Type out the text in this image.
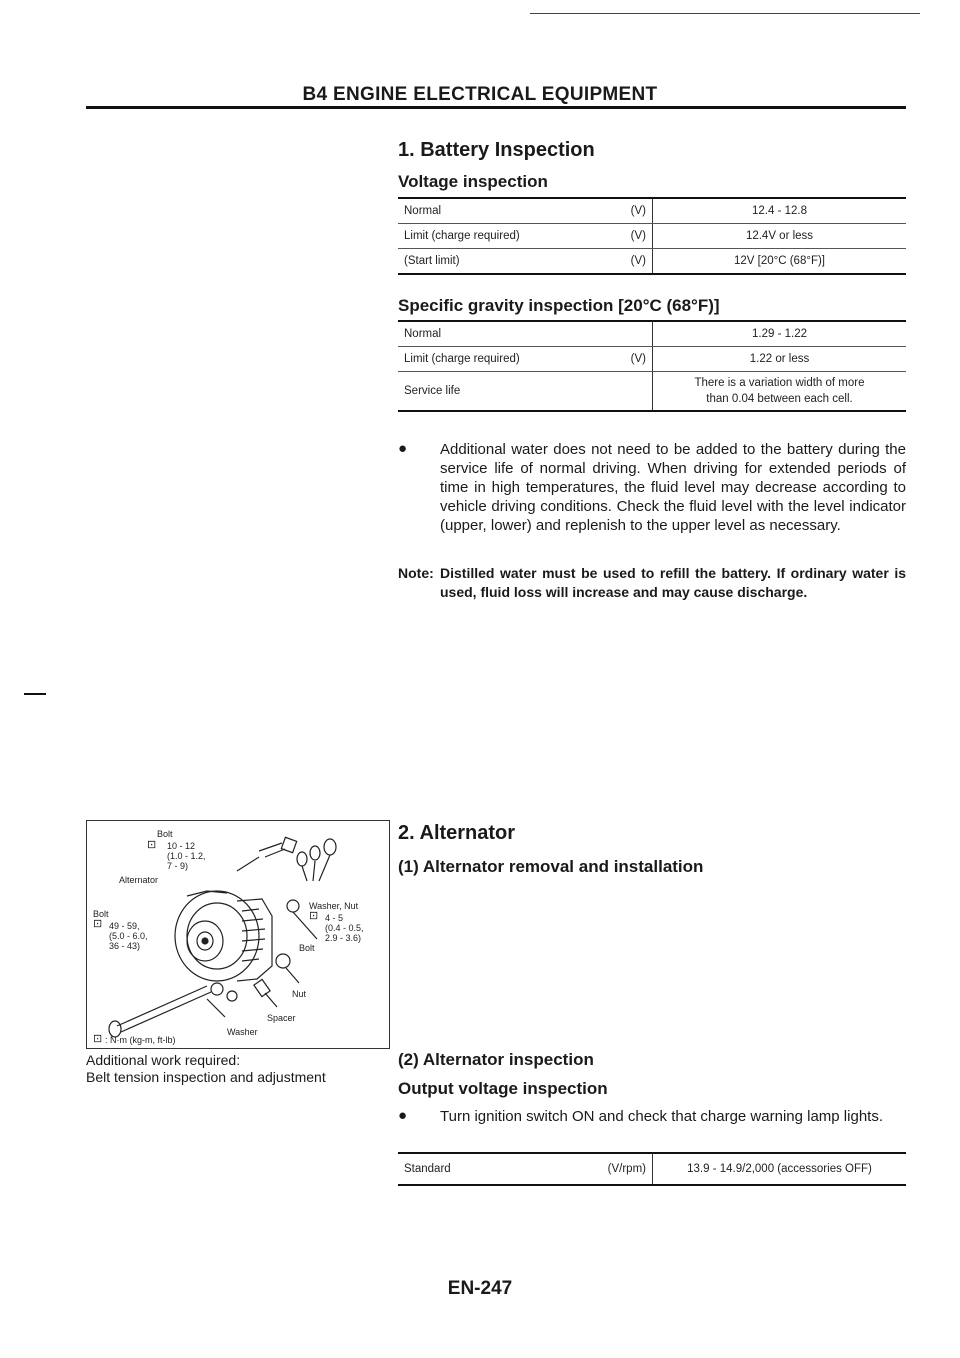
B4 ENGINE ELECTRICAL EQUIPMENT
1. Battery Inspection
Voltage inspection
Normal	(V)	12.4 - 12.8
Limit (charge required)	(V)	12.4V or less
(Start limit)	(V)	12V [20°C (68°F)]
Specific gravity inspection [20°C (68°F)]
Normal		1.29 - 1.22
Limit (charge required)	(V)	1.22 or less
Service life		There is a variation width of more than 0.04 between each cell.
● Additional water does not need to be added to the battery during the service life of normal driving. When driving for extended periods of time in high temperatures, the fluid level may decrease according to vehicle driving conditions. Check the fluid level with the level indicator (upper, lower) and replenish to the upper level as necessary.
Note: Distilled water must be used to refill the battery. If ordinary water is used, fluid loss will increase and may cause discharge.
Bolt
⊡ 10 - 12
(1.0 - 1.2,
7 - 9)
Alternator
Bolt
⊡ 49 - 59,
(5.0 - 6.0,
36 - 43)
Washer, Nut
⊡ 4 - 5
(0.4 - 0.5,
2.9 - 3.6)
Bolt
Nut
Spacer
Washer
⊡ : N·m (kg-m, ft-lb)
Additional work required:
Belt tension inspection and adjustment
2. Alternator
(1) Alternator removal and installation
(2) Alternator inspection
Output voltage inspection
● Turn ignition switch ON and check that charge warning lamp lights.
Standard	(V/rpm)	13.9 - 14.9/2,000 (accessories OFF)
EN-247
